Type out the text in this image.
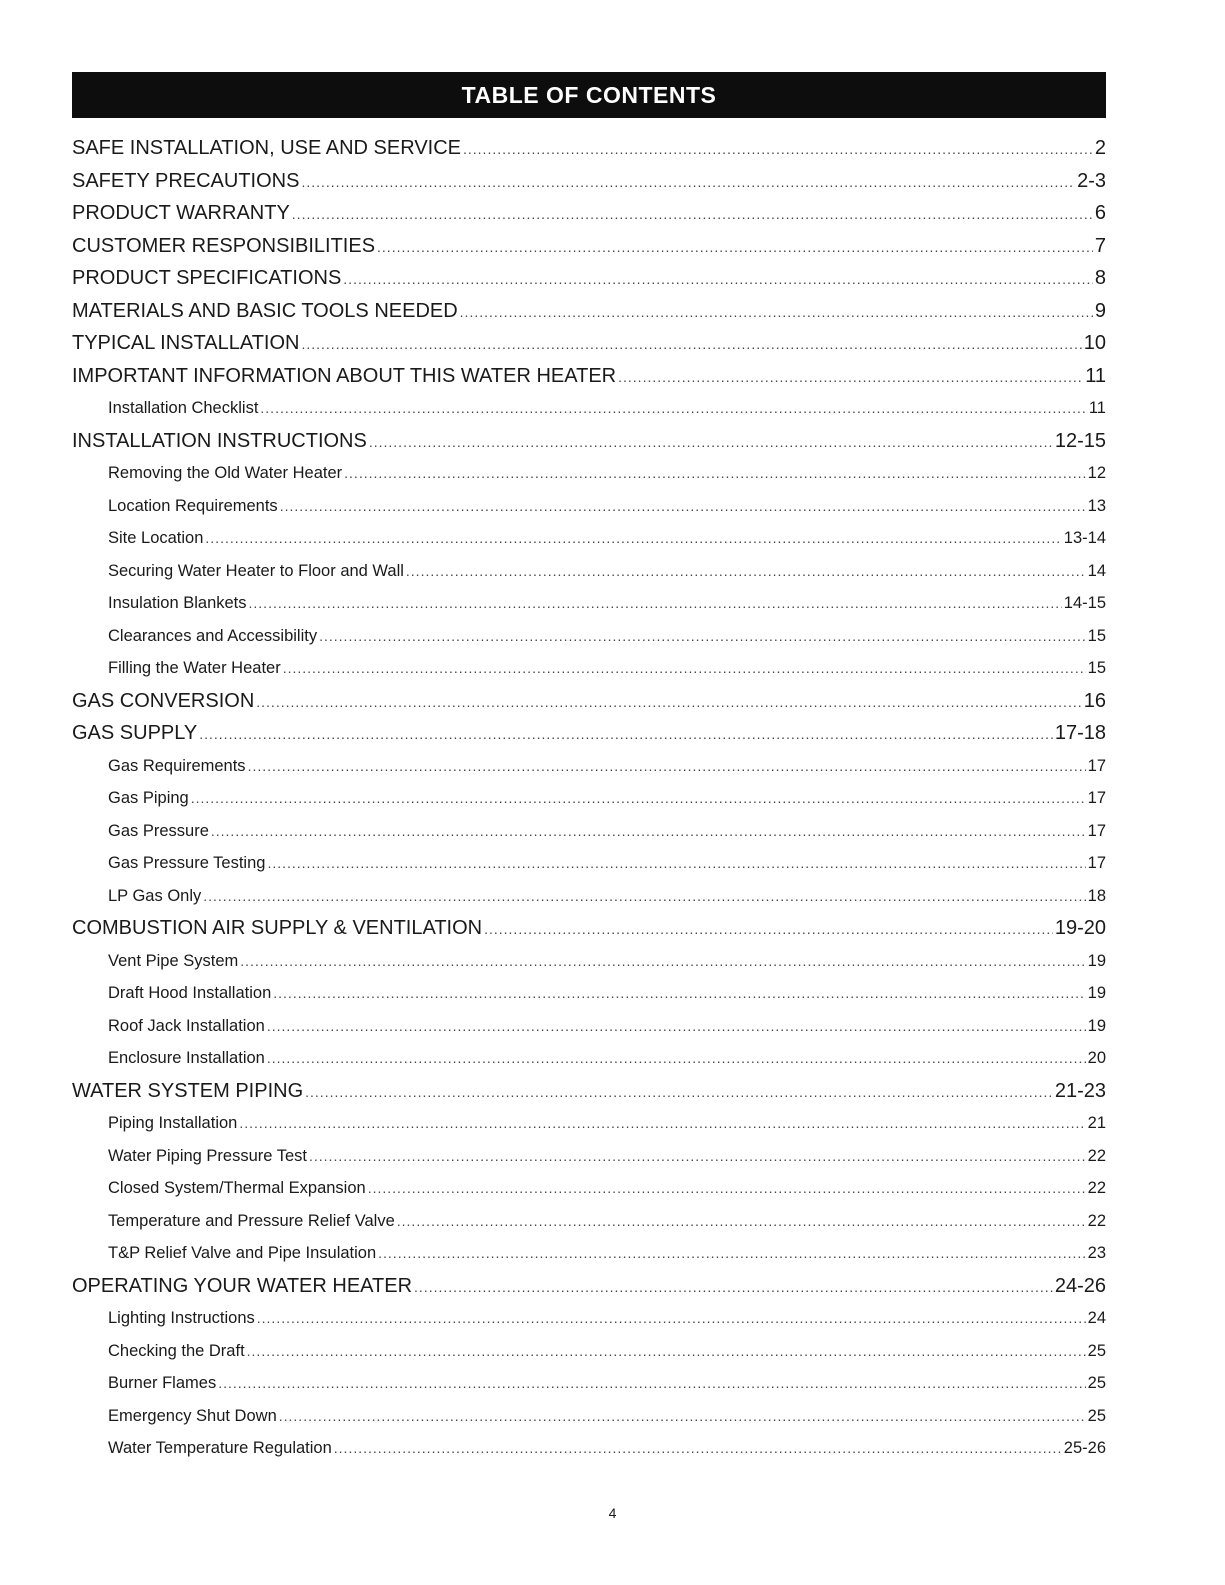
TABLE OF CONTENTS
SAFE INSTALLATION, USE AND SERVICE .....	2
SAFETY PRECAUTIONS .....	2-3
PRODUCT WARRANTY .....	6
CUSTOMER RESPONSIBILITIES .....	7
PRODUCT SPECIFICATIONS .....	8
MATERIALS AND BASIC TOOLS NEEDED .....	9
TYPICAL INSTALLATION .....	10
IMPORTANT INFORMATION ABOUT THIS WATER HEATER .....	11
Installation Checklist .....	11
INSTALLATION INSTRUCTIONS .....	12-15
Removing the Old Water Heater .....	12
Location Requirements .....	13
Site Location .....	13-14
Securing Water Heater to Floor and Wall .....	14
Insulation Blankets .....	14-15
Clearances and Accessibility .....	15
Filling the Water Heater .....	15
GAS CONVERSION .....	16
GAS SUPPLY .....	17-18
Gas Requirements .....	17
Gas Piping .....	17
Gas Pressure .....	17
Gas Pressure Testing .....	17
LP Gas Only .....	18
COMBUSTION AIR SUPPLY & VENTILATION .....	19-20
Vent Pipe System .....	19
Draft Hood Installation .....	19
Roof Jack Installation .....	19
Enclosure Installation .....	20
WATER SYSTEM PIPING .....	21-23
Piping Installation .....	21
Water Piping Pressure Test .....	22
Closed System/Thermal Expansion .....	22
Temperature and Pressure Relief Valve .....	22
T&P Relief Valve and Pipe Insulation .....	23
OPERATING YOUR WATER HEATER .....	24-26
Lighting Instructions .....	24
Checking the Draft .....	25
Burner Flames .....	25
Emergency Shut Down .....	25
Water Temperature Regulation .....	25-26
4
